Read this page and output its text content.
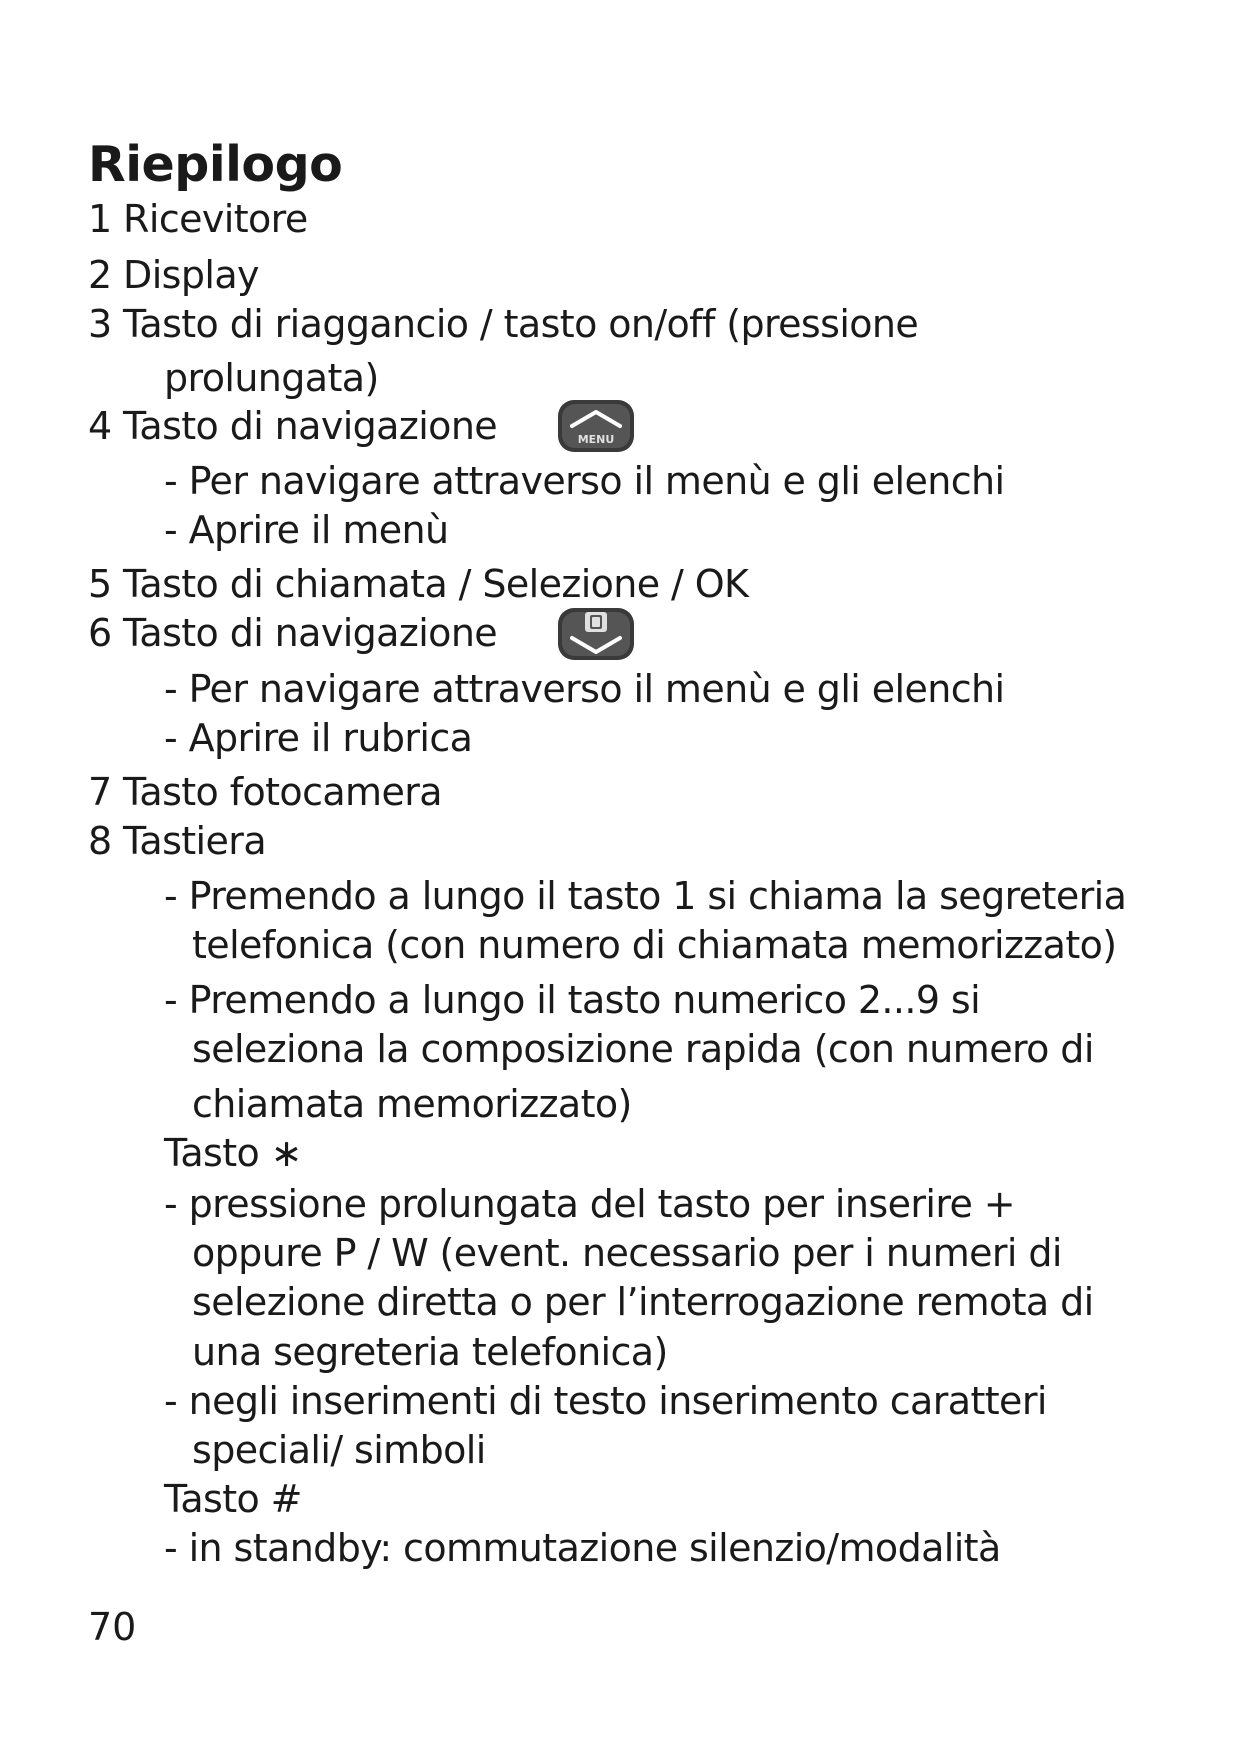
Riepilogo
1 Ricevitore
2 Display
3 Tasto di riaggancio / tasto on/off (pressione
prolungata)
4 Tasto di navigazione	MENU
- Per navigare attraverso il menù e gli elenchi
- Aprire il menù
5 Tasto di chiamata / Selezione / OK
6 Tasto di navigazione
- Per navigare attraverso il menù e gli elenchi
- Aprire il rubrica
7 Tasto fotocamera
8 Tastiera
- Premendo a lungo il tasto 1 si chiama la segreteria
telefonica (con numero di chiamata memorizzato)
- Premendo a lungo il tasto numerico 2...9 si
seleziona la composizione rapida (con numero di
chiamata memorizzato)
Tasto ∗
- pressione prolungata del tasto per inserire +
oppure P / W (event. necessario per i numeri di
selezione diretta o per l’interrogazione remota di
una segreteria telefonica)
- negli inserimenti di testo inserimento caratteri
speciali/ simboli
Tasto #
- in standby: commutazione silenzio/modalità
70
